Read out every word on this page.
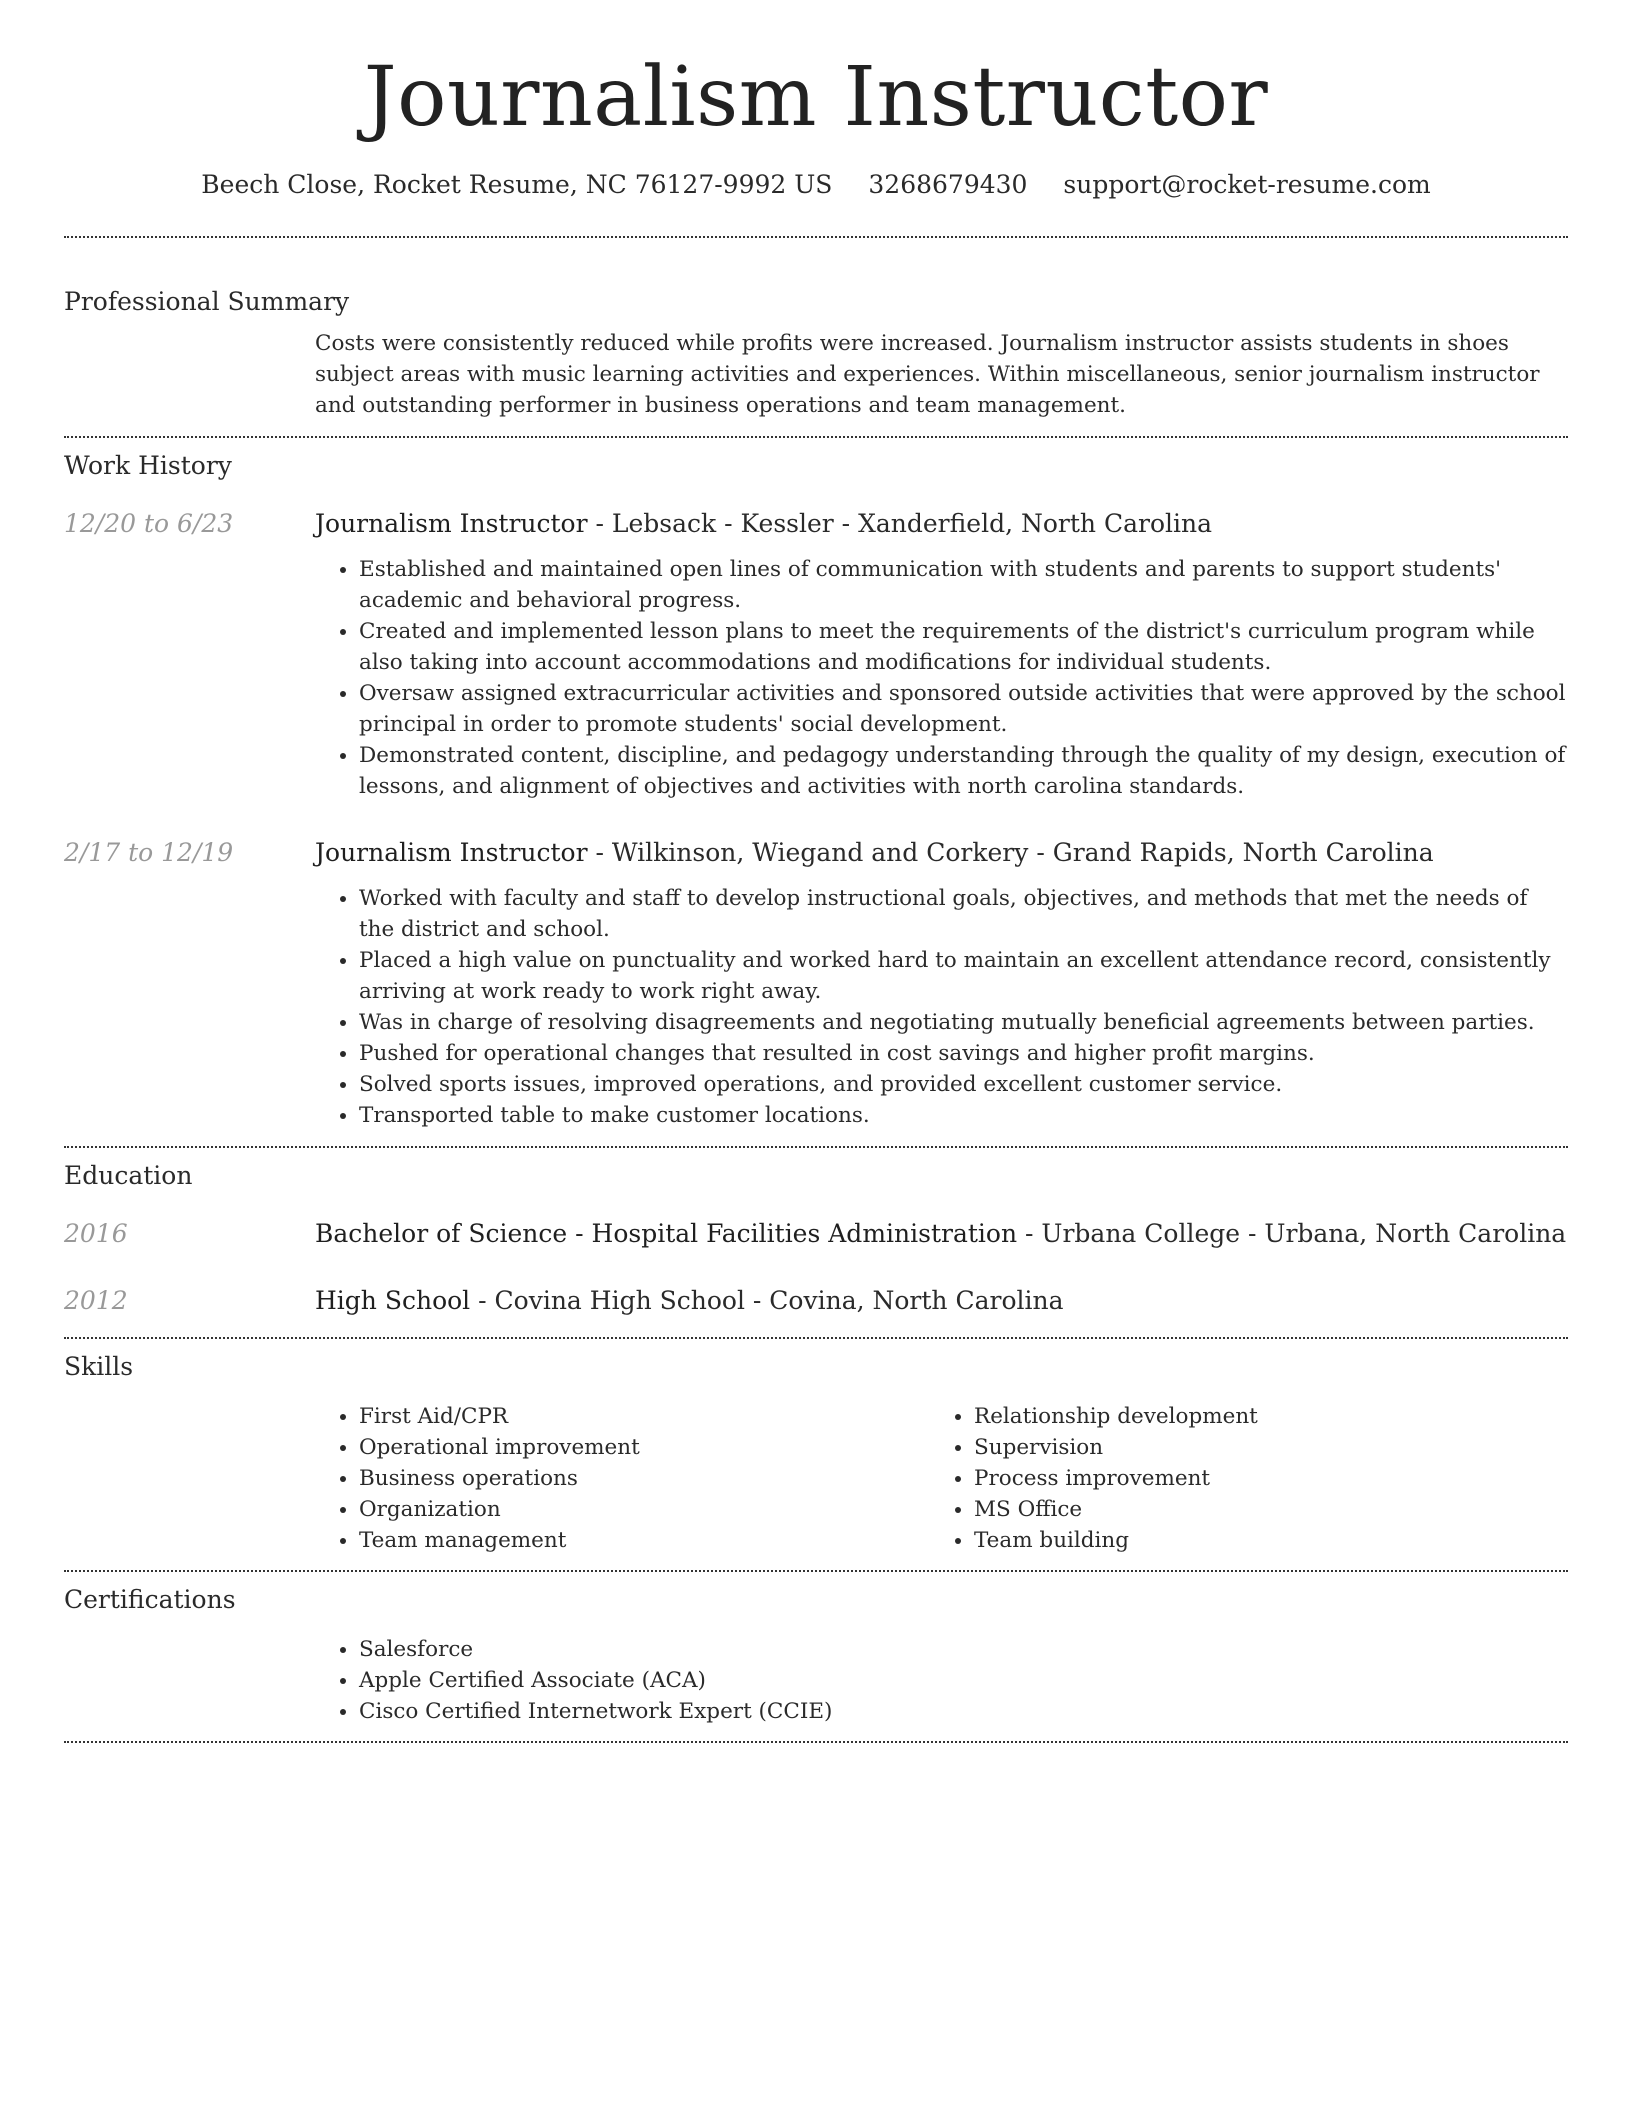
Journalism Instructor
Beech Close, Rocket Resume, NC 76127-9992 US 3268679430 support@rocket-resume.com
Professional Summary
Costs were consistently reduced while profits were increased. Journalism instructor assists students in shoes subject areas with music learning activities and experiences. Within miscellaneous, senior journalism instructor and outstanding performer in business operations and team management.
Work History
12/20 to 6/23	Journalism Instructor - Lebsack - Kessler - Xanderfield, North Carolina
• Established and maintained open lines of communication with students and parents to support students' academic and behavioral progress.
• Created and implemented lesson plans to meet the requirements of the district's curriculum program while also taking into account accommodations and modifications for individual students.
• Oversaw assigned extracurricular activities and sponsored outside activities that were approved by the school principal in order to promote students' social development.
• Demonstrated content, discipline, and pedagogy understanding through the quality of my design, execution of lessons, and alignment of objectives and activities with north carolina standards.
2/17 to 12/19	Journalism Instructor - Wilkinson, Wiegand and Corkery - Grand Rapids, North Carolina
• Worked with faculty and staff to develop instructional goals, objectives, and methods that met the needs of the district and school.
• Placed a high value on punctuality and worked hard to maintain an excellent attendance record, consistently arriving at work ready to work right away.
• Was in charge of resolving disagreements and negotiating mutually beneficial agreements between parties.
• Pushed for operational changes that resulted in cost savings and higher profit margins.
• Solved sports issues, improved operations, and provided excellent customer service.
• Transported table to make customer locations.
Education
2016	Bachelor of Science - Hospital Facilities Administration - Urbana College - Urbana, North Carolina
2012	High School - Covina High School - Covina, North Carolina
Skills
• First Aid/CPR
• Operational improvement
• Business operations
• Organization
• Team management
• Relationship development
• Supervision
• Process improvement
• MS Office
• Team building
Certifications
• Salesforce
• Apple Certified Associate (ACA)
• Cisco Certified Internetwork Expert (CCIE)
